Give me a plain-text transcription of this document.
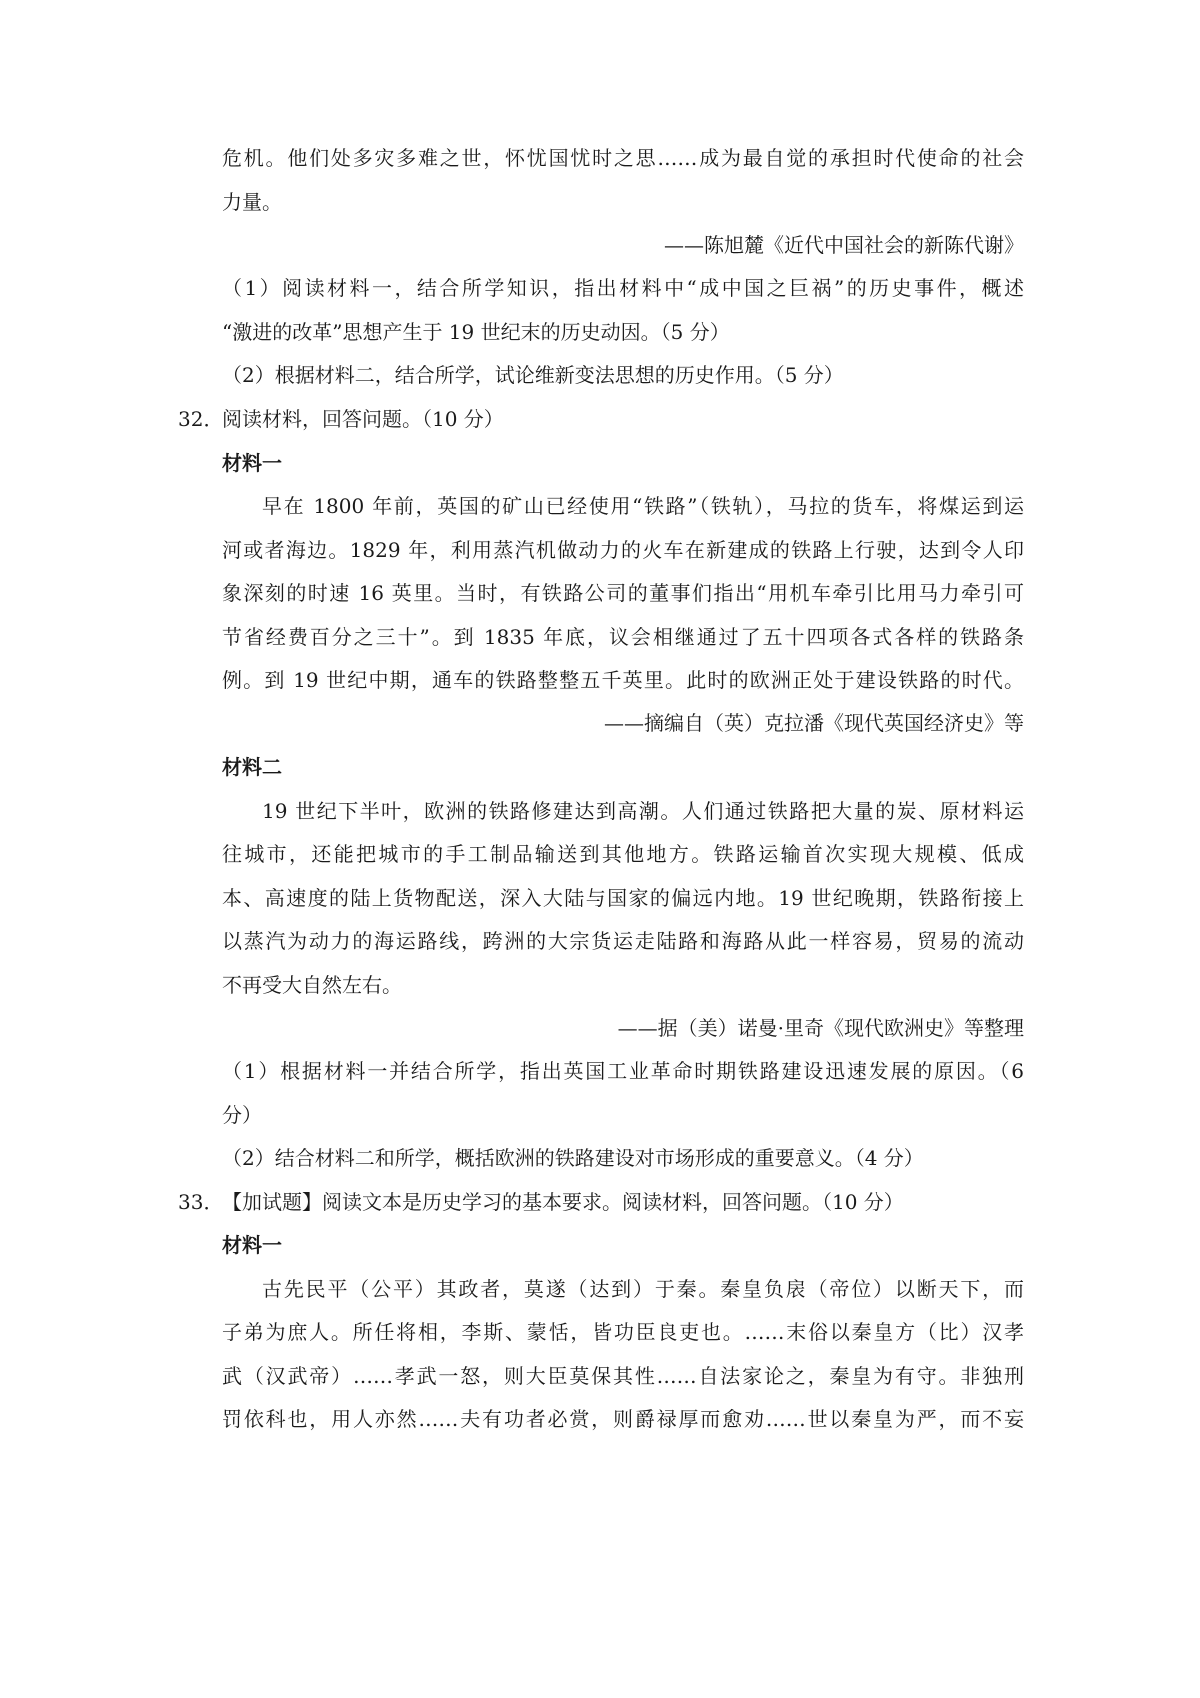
危机。他们处多灾多难之世，怀忧国忧时之思……成为最自觉的承担时代使命的社会
力量。
——陈旭麓《近代中国社会的新陈代谢》
（1）阅读材料一，结合所学知识，指出材料中“成中国之巨祸”的历史事件，概述
“激进的改革”思想产生于 19 世纪末的历史动因。（5 分）
（2）根据材料二，结合所学，试论维新变法思想的历史作用。（5 分）
32．
阅读材料，回答问题。（10 分）
材料一
早在 1800 年前，英国的矿山已经使用“铁路”（铁轨），马拉的货车，将煤运到运
河或者海边。1829 年，利用蒸汽机做动力的火车在新建成的铁路上行驶，达到令人印
象深刻的时速 16 英里。当时，有铁路公司的董事们指出“用机车牵引比用马力牵引可
节省经费百分之三十”。到 1835 年底，议会相继通过了五十四项各式各样的铁路条
例。到 19 世纪中期，通车的铁路整整五千英里。此时的欧洲正处于建设铁路的时代。
——摘编自（英）克拉潘《现代英国经济史》等
材料二
19 世纪下半叶，欧洲的铁路修建达到高潮。人们通过铁路把大量的炭、原材料运
往城市，还能把城市的手工制品输送到其他地方。铁路运输首次实现大规模、低成
本、高速度的陆上货物配送，深入大陆与国家的偏远内地。19 世纪晚期，铁路衔接上
以蒸汽为动力的海运路线，跨洲的大宗货运走陆路和海路从此一样容易，贸易的流动
不再受大自然左右。
——据（美）诺曼·里奇《现代欧洲史》等整理
（1）根据材料一并结合所学，指出英国工业革命时期铁路建设迅速发展的原因。（6
分）
（2）结合材料二和所学，概括欧洲的铁路建设对市场形成的重要意义。（4 分）
33．
【加试题】阅读文本是历史学习的基本要求。阅读材料，回答问题。（10 分）
材料一
古先民平（公平）其政者，莫遂（达到）于秦。秦皇负扆（帝位）以断天下，而
子弟为庶人。所任将相，李斯、蒙恬，皆功臣良吏也。……末俗以秦皇方（比）汉孝
武（汉武帝）……孝武一怒，则大臣莫保其性……自法家论之，秦皇为有守。非独刑
罚依科也，用人亦然……夫有功者必赏，则爵禄厚而愈劝……世以秦皇为严，而不妄
